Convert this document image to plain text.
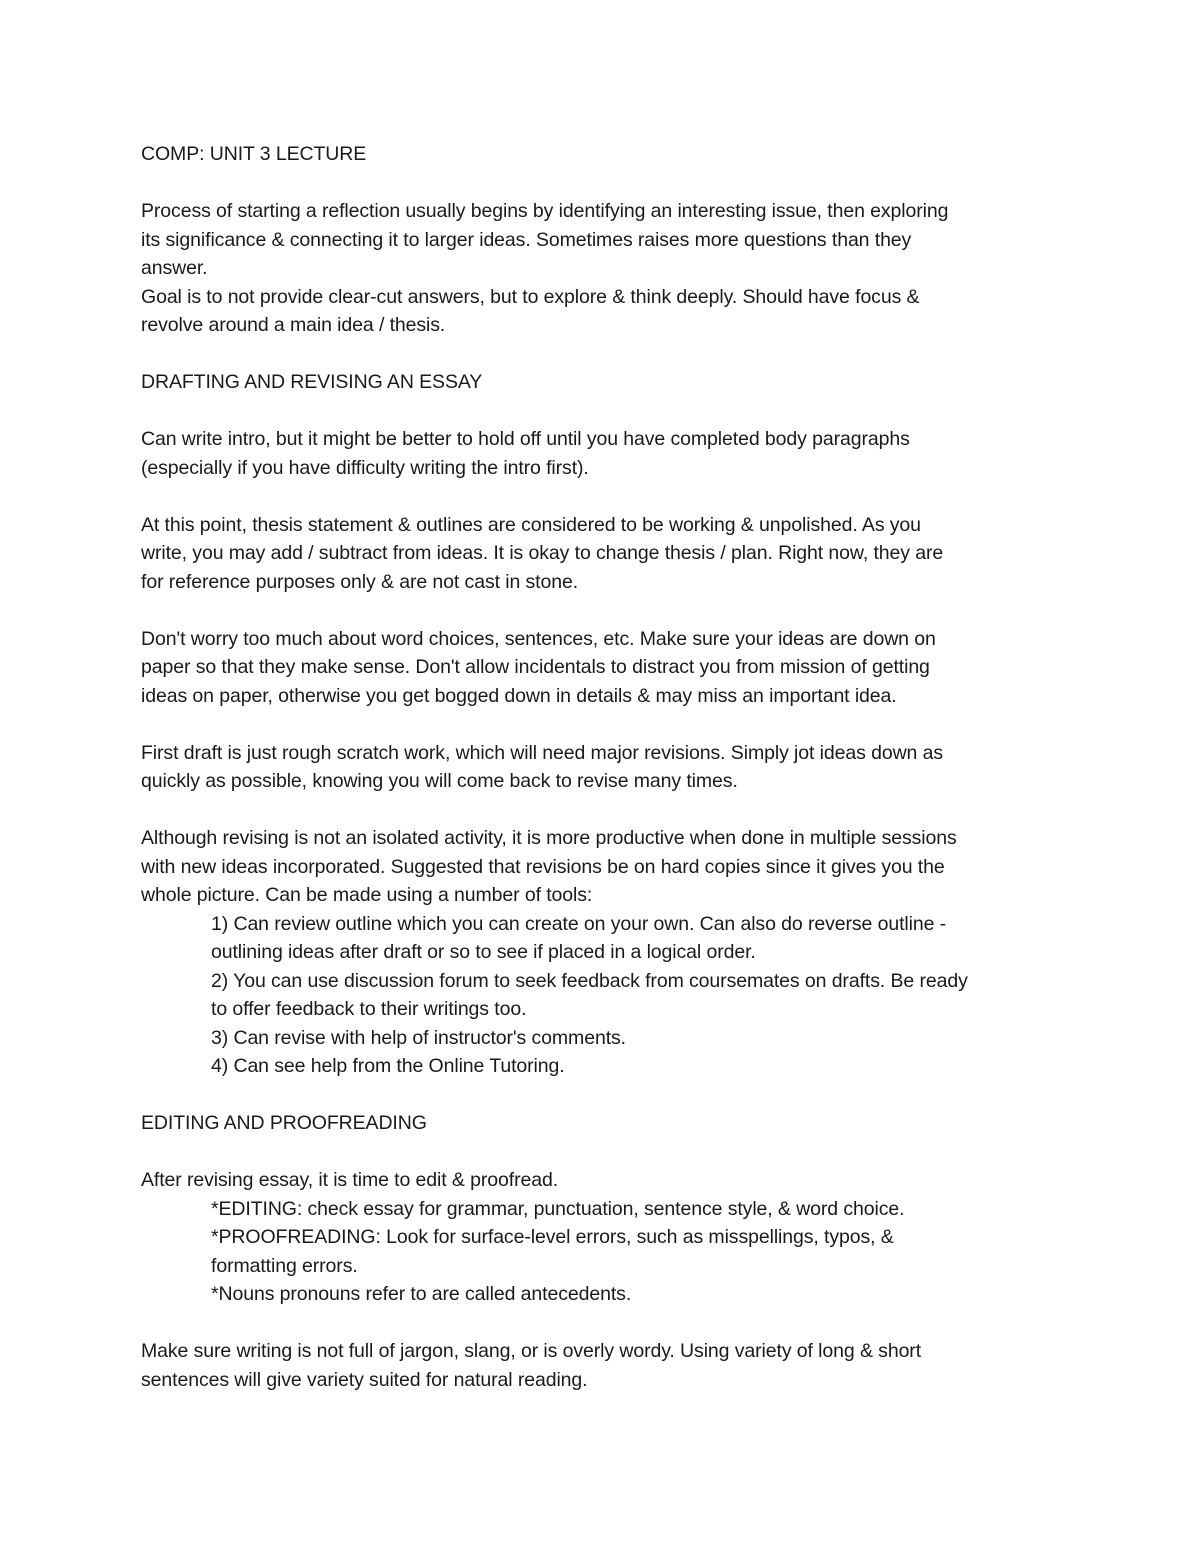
COMP: UNIT 3 LECTURE
Process of starting a reflection usually begins by identifying an interesting issue, then exploring
its significance & connecting it to larger ideas. Sometimes raises more questions than they
answer.
Goal is to not provide clear-cut answers, but to explore & think deeply. Should have focus &
revolve around a main idea / thesis.
DRAFTING AND REVISING AN ESSAY
Can write intro, but it might be better to hold off until you have completed body paragraphs
(especially if you have difficulty writing the intro first).
At this point, thesis statement & outlines are considered to be working & unpolished. As you
write, you may add / subtract from ideas. It is okay to change thesis / plan. Right now, they are
for reference purposes only & are not cast in stone.
Don't worry too much about word choices, sentences, etc. Make sure your ideas are down on
paper so that they make sense. Don't allow incidentals to distract you from mission of getting
ideas on paper, otherwise you get bogged down in details & may miss an important idea.
First draft is just rough scratch work, which will need major revisions. Simply jot ideas down as
quickly as possible, knowing you will come back to revise many times.
Although revising is not an isolated activity, it is more productive when done in multiple sessions
with new ideas incorporated. Suggested that revisions be on hard copies since it gives you the
whole picture. Can be made using a number of tools:
1) Can review outline which you can create on your own. Can also do reverse outline -
outlining ideas after draft or so to see if placed in a logical order.
2) You can use discussion forum to seek feedback from coursemates on drafts. Be ready
to offer feedback to their writings too.
3) Can revise with help of instructor's comments.
4) Can see help from the Online Tutoring.
EDITING AND PROOFREADING
After revising essay, it is time to edit & proofread.
*EDITING: check essay for grammar, punctuation, sentence style, & word choice.
*PROOFREADING: Look for surface-level errors, such as misspellings, typos, &
formatting errors.
*Nouns pronouns refer to are called antecedents.
Make sure writing is not full of jargon, slang, or is overly wordy. Using variety of long & short
sentences will give variety suited for natural reading.
